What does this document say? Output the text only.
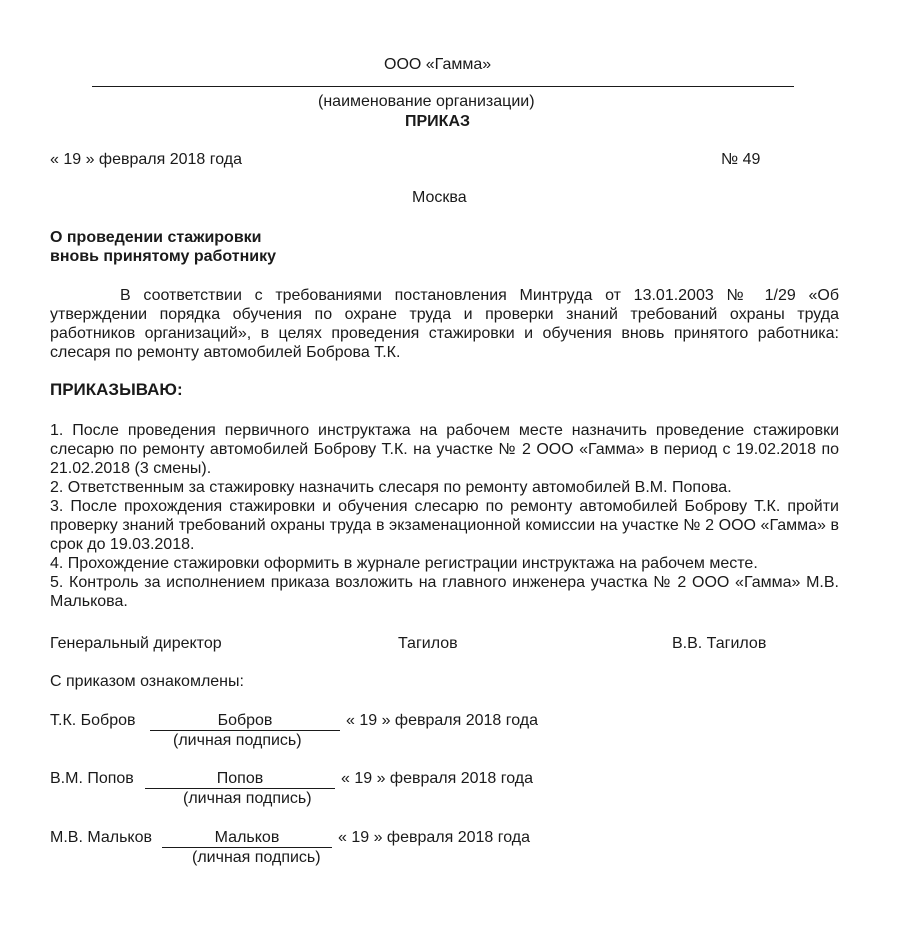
ООО «Гамма»
(наименование организации)
ПРИКАЗ
« 19 » февраля 2018 года	№ 49
Москва
О проведении стажировки
вновь принятому работнику

В соответствии с требованиями постановления Минтруда от 13.01.2003 № 1/29 «Об утверждении порядка обучения по охране труда и проверки знаний требований охраны труда работников организаций», в целях проведения стажировки и обучения вновь принятого работника: слесаря по ремонту автомобилей Боброва Т.К.

ПРИКАЗЫВАЮ:

1. После проведения первичного инструктажа на рабочем месте назначить проведение стажировки слесарю по ремонту автомобилей Боброву Т.К. на участке № 2 ООО «Гамма» в период с 19.02.2018 по 21.02.2018 (3 смены).

2. Ответственным за стажировку назначить слесаря по ремонту автомобилей В.М. Попова.

3. После прохождения стажировки и обучения слесарю по ремонту автомобилей Боброву Т.К. пройти проверку знаний требований охраны труда в экзаменационной комиссии на участке № 2 ООО «Гамма» в срок до 19.03.2018.

4. Прохождение стажировки оформить в журнале регистрации инструктажа на рабочем месте.

5. Контроль за исполнением приказа возложить на главного инженера участка № 2 ООО «Гамма» М.В. Малькова.

Генеральный директор	Тагилов	В.В. Тагилов
С приказом ознакомлены:
Т.К. Бобров	Бобров	« 19 » февраля 2018 года
(личная подпись)
В.М. Попов	Попов	« 19 » февраля 2018 года
(личная подпись)
М.В. Мальков	Мальков	« 19 » февраля 2018 года
(личная подпись)
